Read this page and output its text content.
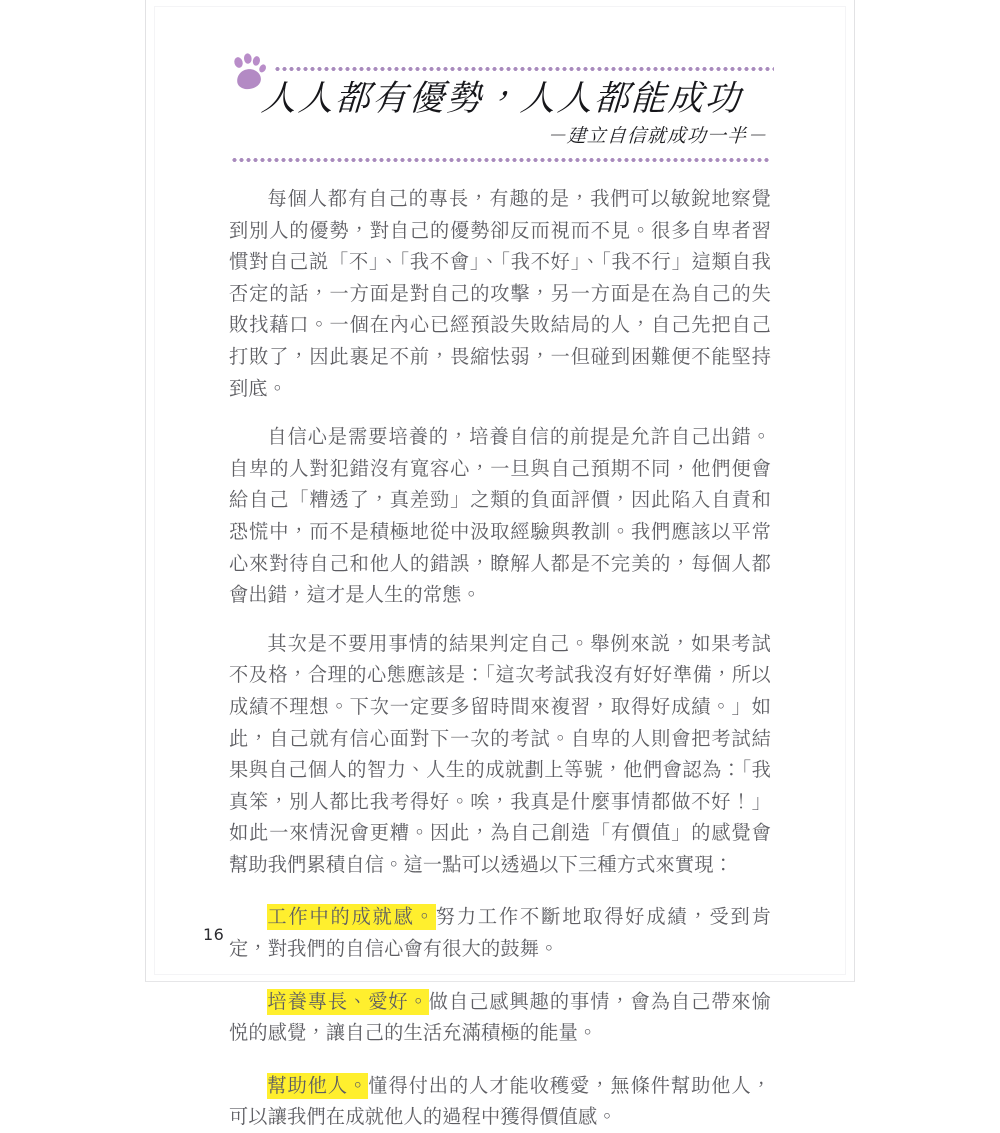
人人都有優勢，人人都能成功
－建立自信就成功一半－

每個人都有自己的專長，有趣的是，我們可以敏銳地察覺到別人的優勢，對自己的優勢卻反而視而不見。很多自卑者習慣對自己説「不」、「我不會」、「我不好」、「我不行」這類自我否定的話，一方面是對自己的攻擊，另一方面是在為自己的失敗找藉口。一個在內心已經預設失敗結局的人，自己先把自己打敗了，因此裹足不前，畏縮怯弱，一但碰到困難便不能堅持到底。

自信心是需要培養的，培養自信的前提是允許自己出錯。自卑的人對犯錯沒有寬容心，一旦與自己預期不同，他們便會給自己「糟透了，真差勁」之類的負面評價，因此陷入自責和恐慌中，而不是積極地從中汲取經驗與教訓。我們應該以平常心來對待自己和他人的錯誤，瞭解人都是不完美的，每個人都會出錯，這才是人生的常態。

其次是不要用事情的結果判定自己。舉例來説，如果考試不及格，合理的心態應該是：「這次考試我沒有好好準備，所以成績不理想。下次一定要多留時間來複習，取得好成績。」如此，自己就有信心面對下一次的考試。自卑的人則會把考試結果與自己個人的智力、人生的成就劃上等號，他們會認為：「我真笨，別人都比我考得好。唉，我真是什麼事情都做不好！」如此一來情況會更糟。因此，為自己創造「有價值」的感覺會幫助我們累積自信。這一點可以透過以下三種方式來實現：

工作中的成就感。努力工作不斷地取得好成績，受到肯定，對我們的自信心會有很大的鼓舞。

培養專長、愛好。做自己感興趣的事情，會為自己帶來愉悦的感覺，讓自己的生活充滿積極的能量。

幫助他人。懂得付出的人才能收穫愛，無條件幫助他人，可以讓我們在成就他人的過程中獲得價值感。

16
